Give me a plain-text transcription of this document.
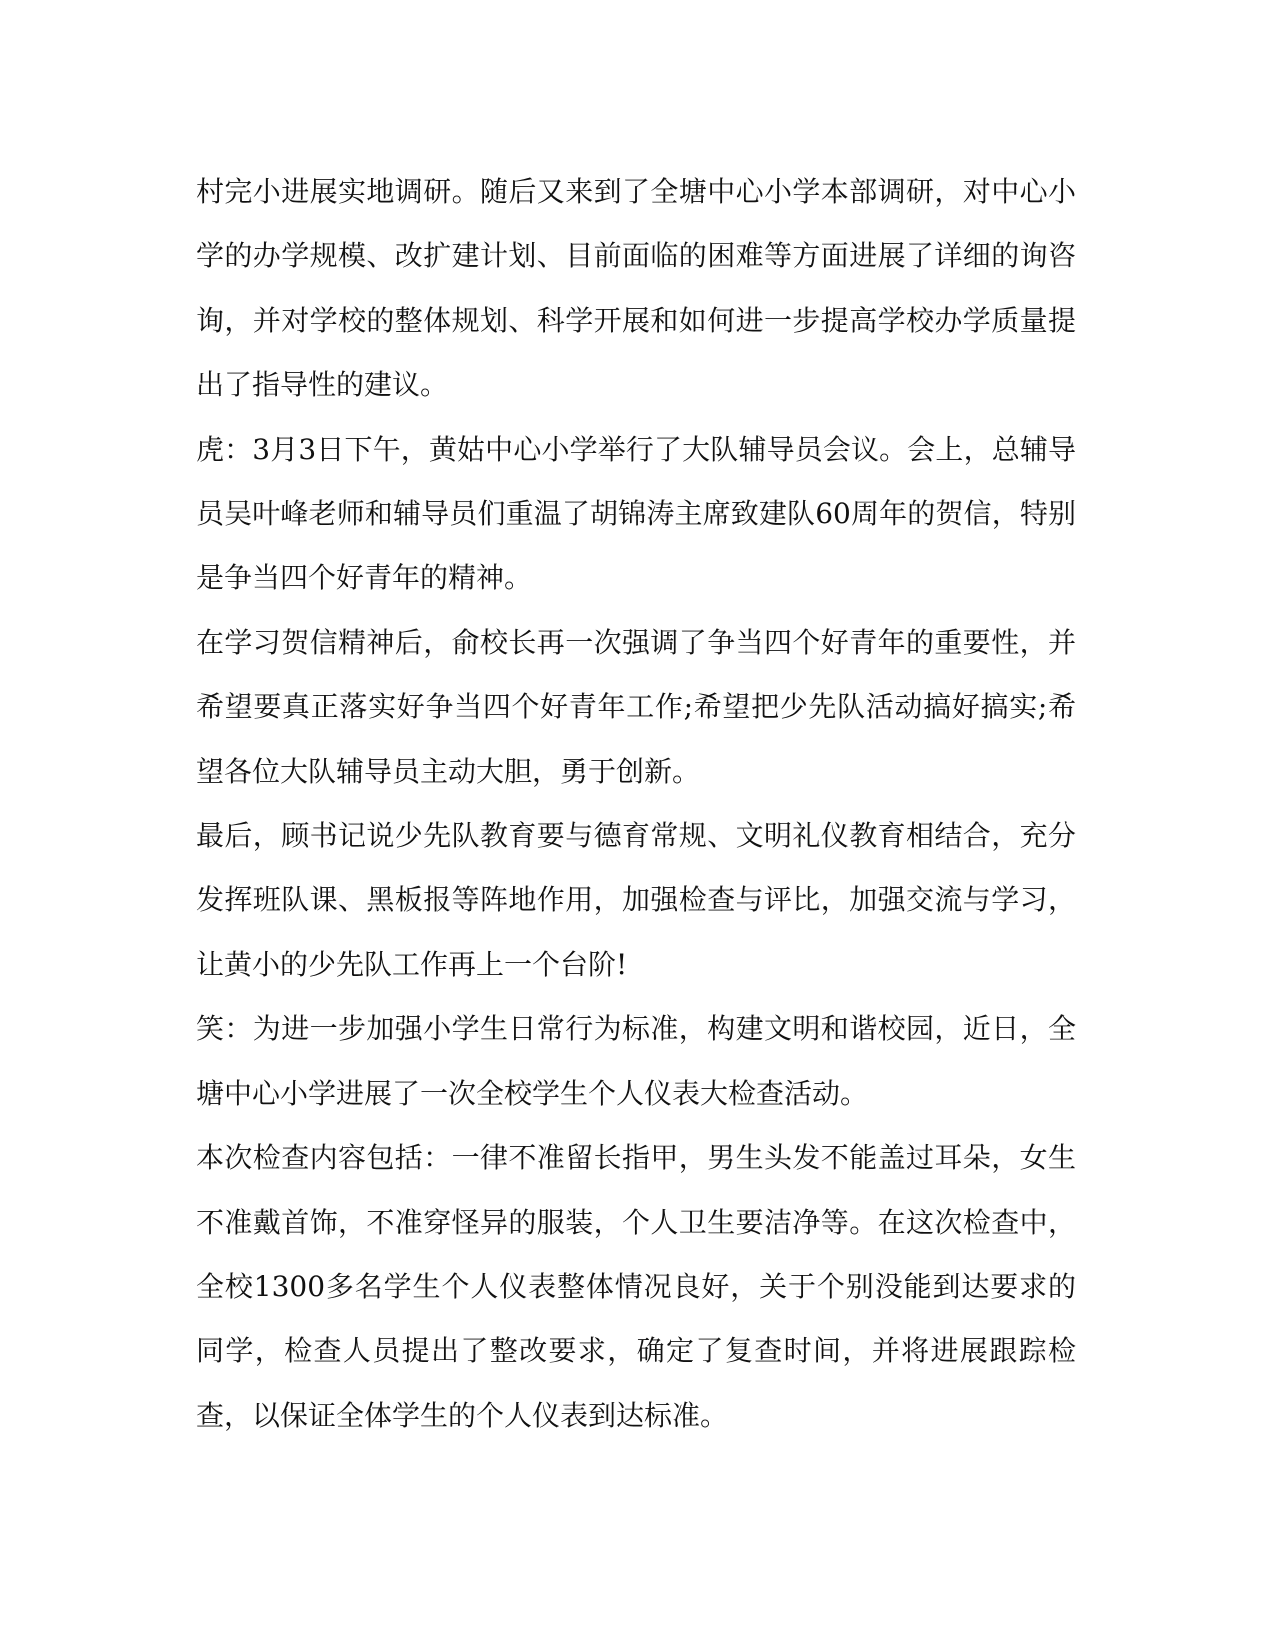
村完小进展实地调研。随后又来到了全塘中心小学本部调研，对中心小学的办学规模、改扩建计划、目前面临的困难等方面进展了详细的询咨询，并对学校的整体规划、科学开展和如何进一步提高学校办学质量提出了指导性的建议。

虎：3月3日下午，黄姑中心小学举行了大队辅导员会议。会上，总辅导员吴叶峰老师和辅导员们重温了胡锦涛主席致建队60周年的贺信，特别是争当四个好青年的精神。

在学习贺信精神后，俞校长再一次强调了争当四个好青年的重要性，并希望要真正落实好争当四个好青年工作;希望把少先队活动搞好搞实;希望各位大队辅导员主动大胆，勇于创新。

最后，顾书记说少先队教育要与德育常规、文明礼仪教育相结合，充分发挥班队课、黑板报等阵地作用，加强检查与评比，加强交流与学习，让黄小的少先队工作再上一个台阶!

笑：为进一步加强小学生日常行为标准，构建文明和谐校园，近日，全塘中心小学进展了一次全校学生个人仪表大检查活动。

本次检查内容包括：一律不准留长指甲，男生头发不能盖过耳朵，女生不准戴首饰，不准穿怪异的服装，个人卫生要洁净等。在这次检查中，全校1300多名学生个人仪表整体情况良好，关于个别没能到达要求的同学，检查人员提出了整改要求，确定了复查时间，并将进展跟踪检查，以保证全体学生的个人仪表到达标准。
